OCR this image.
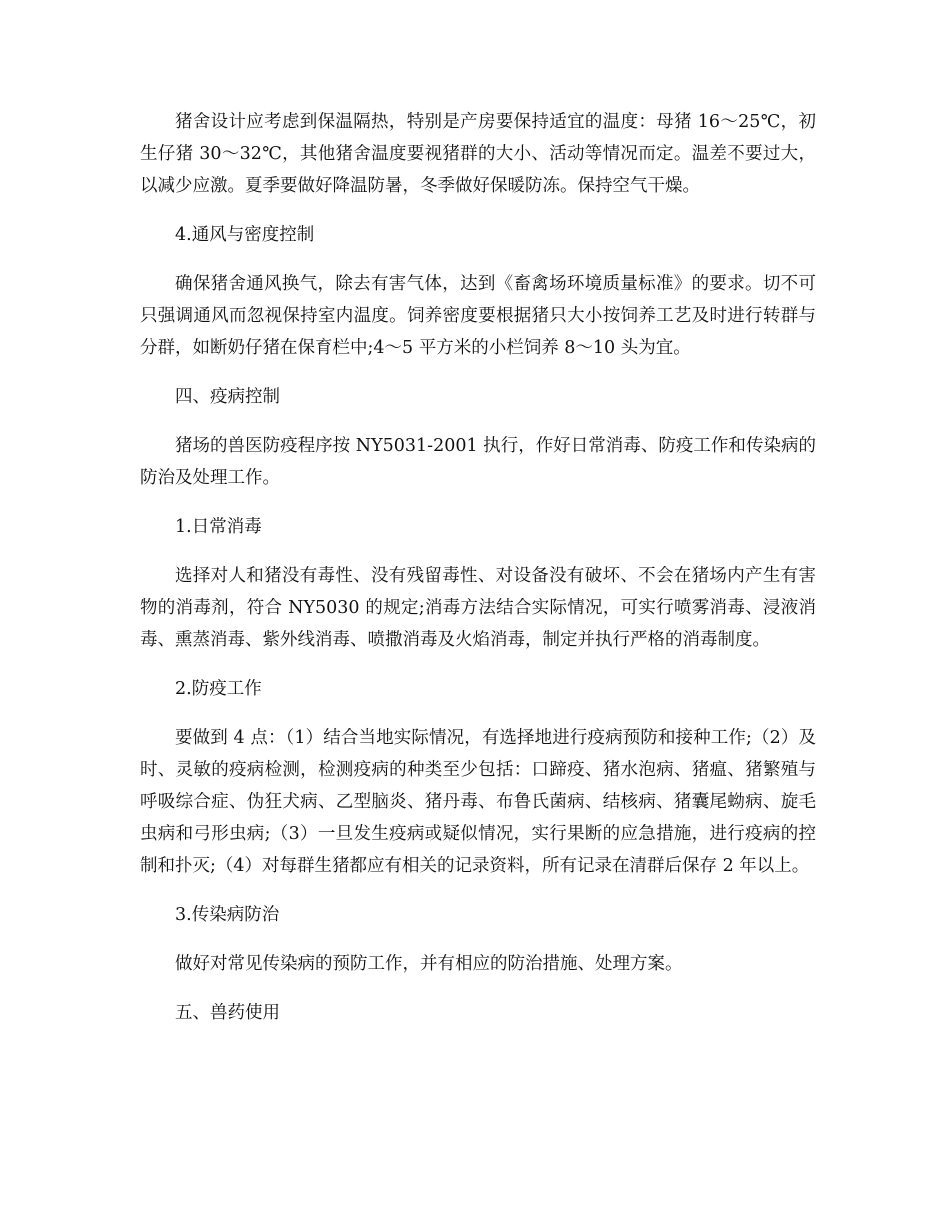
猪舍设计应考虑到保温隔热，特别是产房要保持适宜的温度：母猪 16～25℃，初生仔猪 30～32℃，其他猪舍温度要视猪群的大小、活动等情况而定。温差不要过大，以减少应激。夏季要做好降温防暑，冬季做好保暖防冻。保持空气干燥。

4.通风与密度控制

确保猪舍通风换气，除去有害气体，达到《畜禽场环境质量标准》的要求。切不可只强调通风而忽视保持室内温度。饲养密度要根据猪只大小按饲养工艺及时进行转群与分群，如断奶仔猪在保育栏中;4～5 平方米的小栏饲养 8～10 头为宜。

四、疫病控制

猪场的兽医防疫程序按 NY5031-2001 执行，作好日常消毒、防疫工作和传染病的防治及处理工作。

1.日常消毒

选择对人和猪没有毒性、没有残留毒性、对设备没有破坏、不会在猪场内产生有害物的消毒剂，符合 NY5030 的规定;消毒方法结合实际情况，可实行喷雾消毒、浸液消毒、熏蒸消毒、紫外线消毒、喷撒消毒及火焰消毒，制定并执行严格的消毒制度。

2.防疫工作

要做到 4 点：（1）结合当地实际情况，有选择地进行疫病预防和接种工作;（2）及时、灵敏的疫病检测，检测疫病的种类至少包括：口蹄疫、猪水泡病、猪瘟、猪繁殖与呼吸综合症、伪狂犬病、乙型脑炎、猪丹毒、布鲁氏菌病、结核病、猪囊尾蚴病、旋毛虫病和弓形虫病;（3）一旦发生疫病或疑似情况，实行果断的应急措施，进行疫病的控制和扑灭;（4）对每群生猪都应有相关的记录资料，所有记录在清群后保存 2 年以上。

3.传染病防治

做好对常见传染病的预防工作，并有相应的防治措施、处理方案。

五、兽药使用
